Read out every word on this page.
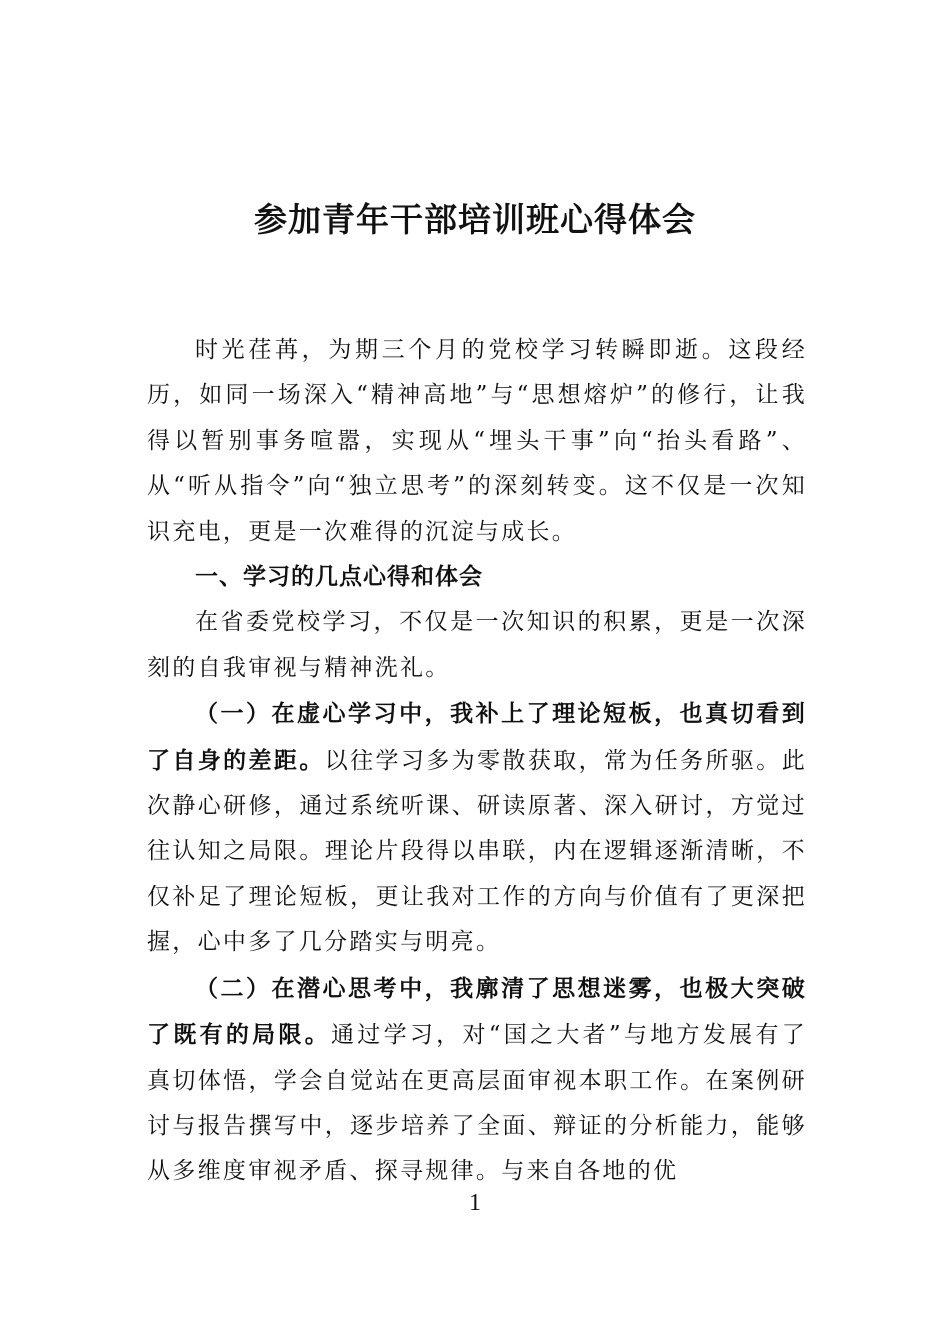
参加青年干部培训班心得体会

时光荏苒，为期三个月的党校学习转瞬即逝。这段经历，如同一场深入“精神高地”与“思想熔炉”的修行，让我得以暂别事务喧嚣，实现从“埋头干事”向“抬头看路”、从“听从指令”向“独立思考”的深刻转变。这不仅是一次知识充电，更是一次难得的沉淀与成长。

一、学习的几点心得和体会

在省委党校学习，不仅是一次知识的积累，更是一次深刻的自我审视与精神洗礼。

（一）在虚心学习中，我补上了理论短板，也真切看到了自身的差距。以往学习多为零散获取，常为任务所驱。此次静心研修，通过系统听课、研读原著、深入研讨，方觉过往认知之局限。理论片段得以串联，内在逻辑逐渐清晰，不仅补足了理论短板，更让我对工作的方向与价值有了更深把握，心中多了几分踏实与明亮。

（二）在潜心思考中，我廓清了思想迷雾，也极大突破了既有的局限。通过学习，对“国之大者”与地方发展有了真切体悟，学会自觉站在更高层面审视本职工作。在案例研讨与报告撰写中，逐步培养了全面、辩证的分析能力，能够从多维度审视矛盾、探寻规律。与来自各地的优

1
